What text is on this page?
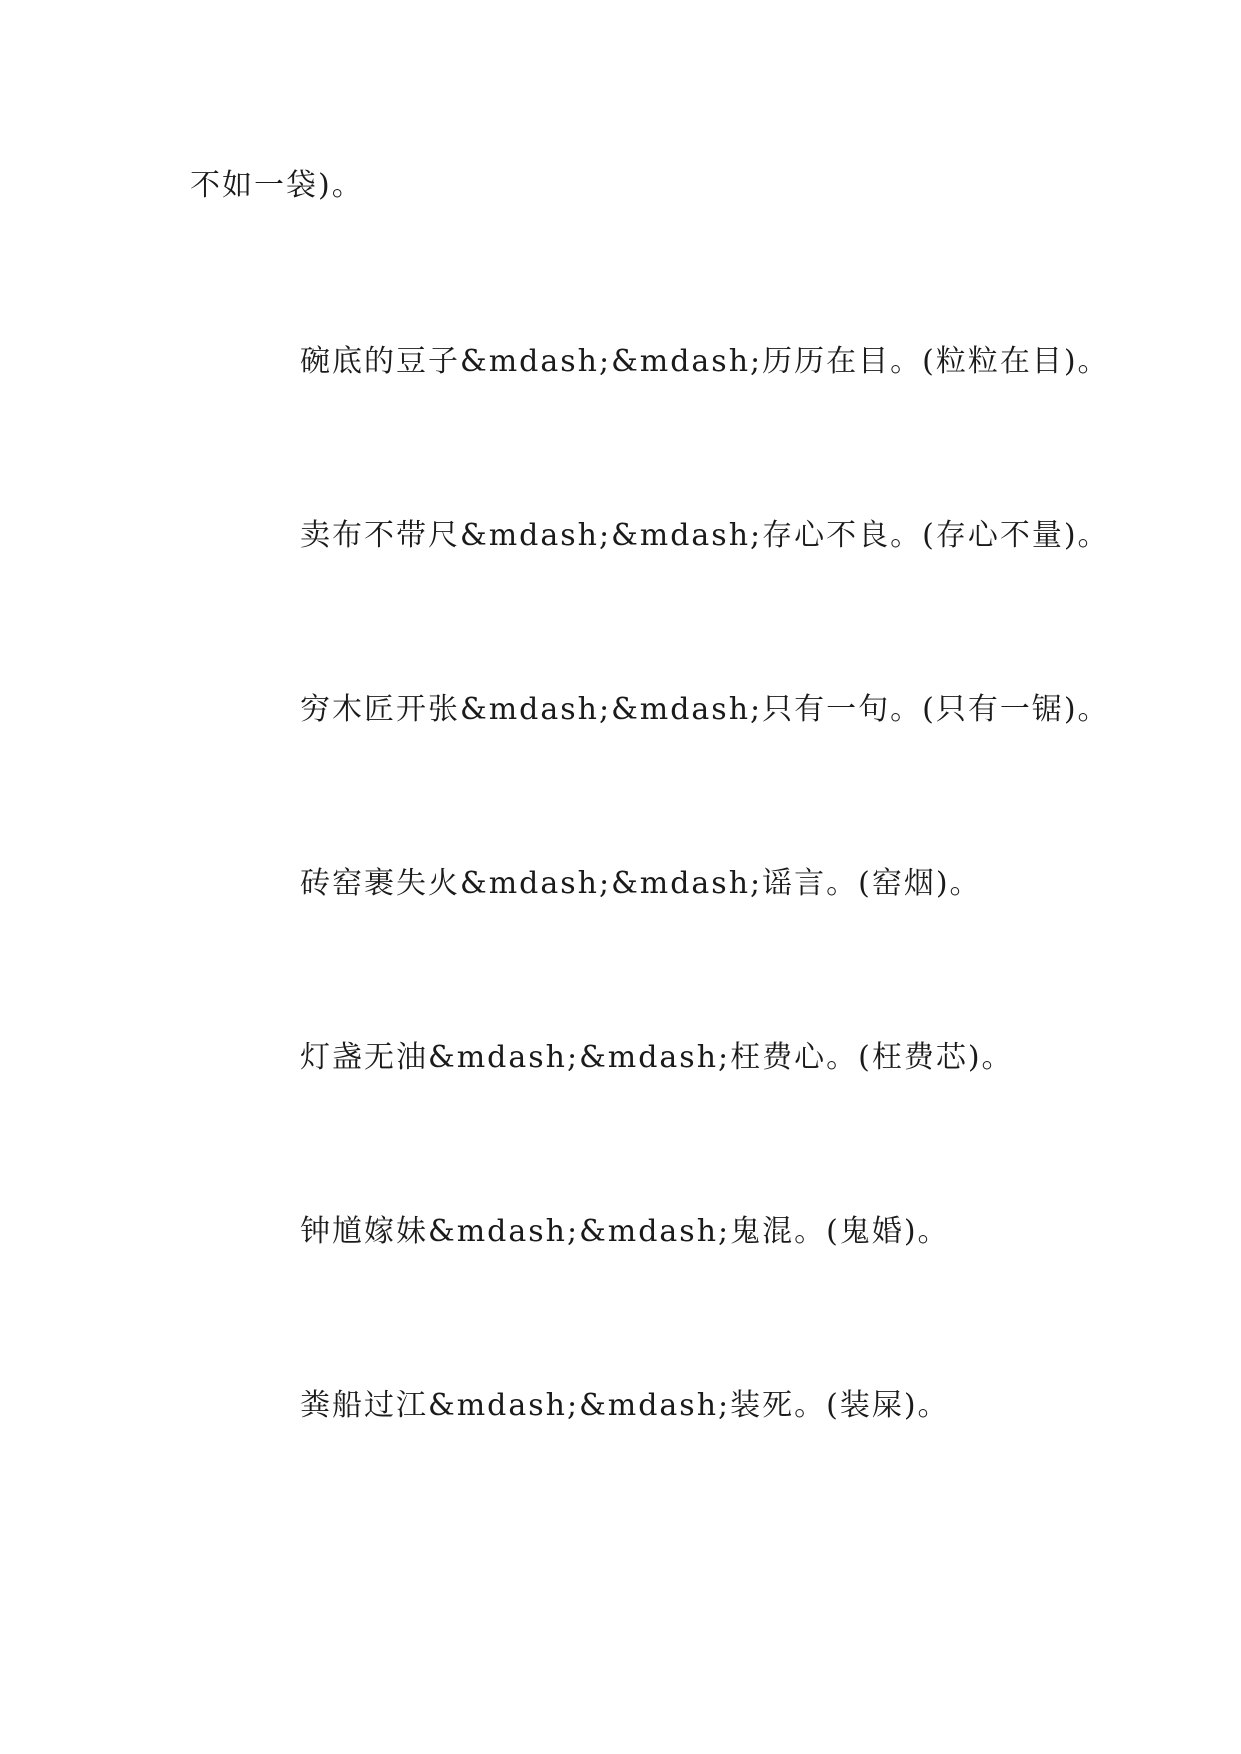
不如一袋)。

碗底的豆子&mdash;&mdash;历历在目。(粒粒在目)。

卖布不带尺&mdash;&mdash;存心不良。(存心不量)。

穷木匠开张&mdash;&mdash;只有一句。(只有一锯)。

砖窑裹失火&mdash;&mdash;谣言。(窑烟)。

灯盏无油&mdash;&mdash;枉费心。(枉费芯)。

钟馗嫁妹&mdash;&mdash;鬼混。(鬼婚)。

粪船过江&mdash;&mdash;装死。(装屎)。
